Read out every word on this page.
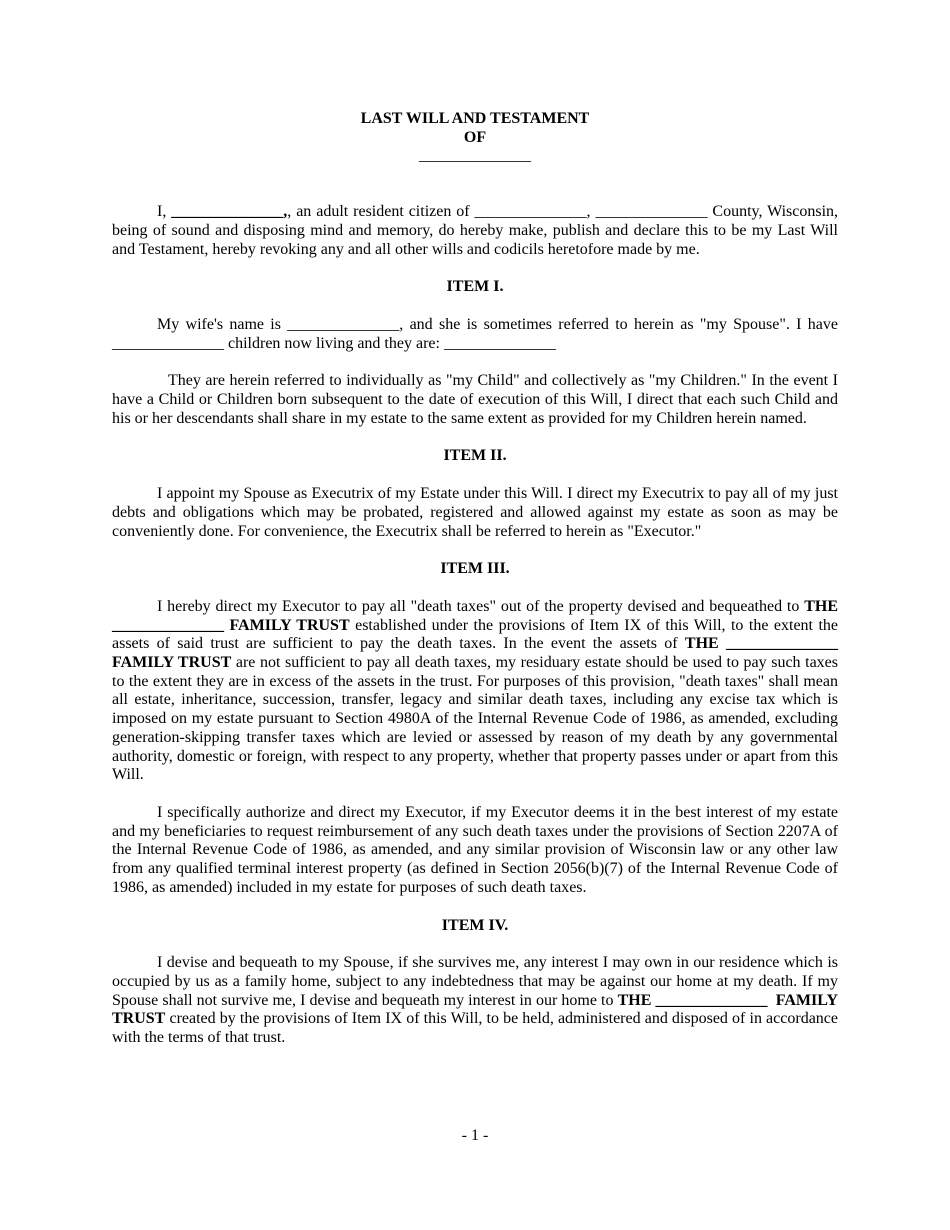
LAST WILL AND TESTAMENT
OF
______________

I, ______________,, an adult resident citizen of ______________, ______________ County, Wisconsin, being of sound and disposing mind and memory, do hereby make, publish and declare this to be my Last Will and Testament, hereby revoking any and all other wills and codicils heretofore made by me.

ITEM I.

My wife's name is ______________, and she is sometimes referred to herein as "my Spouse". I have ______________ children now living and they are: ______________

They are herein referred to individually as "my Child" and collectively as "my Children." In the event I have a Child or Children born subsequent to the date of execution of this Will, I direct that each such Child and his or her descendants shall share in my estate to the same extent as provided for my Children herein named.

ITEM II.

I appoint my Spouse as Executrix of my Estate under this Will. I direct my Executrix to pay all of my just debts and obligations which may be probated, registered and allowed against my estate as soon as may be conveniently done. For convenience, the Executrix shall be referred to herein as "Executor."

ITEM III.

I hereby direct my Executor to pay all "death taxes" out of the property devised and bequeathed to THE ______________ FAMILY TRUST established under the provisions of Item IX of this Will, to the extent the assets of said trust are sufficient to pay the death taxes. In the event the assets of THE ______________ FAMILY TRUST are not sufficient to pay all death taxes, my residuary estate should be used to pay such taxes to the extent they are in excess of the assets in the trust. For purposes of this provision, "death taxes" shall mean all estate, inheritance, succession, transfer, legacy and similar death taxes, including any excise tax which is imposed on my estate pursuant to Section 4980A of the Internal Revenue Code of 1986, as amended, excluding generation-skipping transfer taxes which are levied or assessed by reason of my death by any governmental authority, domestic or foreign, with respect to any property, whether that property passes under or apart from this Will.

I specifically authorize and direct my Executor, if my Executor deems it in the best interest of my estate and my beneficiaries to request reimbursement of any such death taxes under the provisions of Section 2207A of the Internal Revenue Code of 1986, as amended, and any similar provision of Wisconsin law or any other law from any qualified terminal interest property (as defined in Section 2056(b)(7) of the Internal Revenue Code of 1986, as amended) included in my estate for purposes of such death taxes.

ITEM IV.

I devise and bequeath to my Spouse, if she survives me, any interest I may own in our residence which is occupied by us as a family home, subject to any indebtedness that may be against our home at my death. If my Spouse shall not survive me, I devise and bequeath my interest in our home to THE ______________ FAMILY TRUST created by the provisions of Item IX of this Will, to be held, administered and disposed of in accordance with the terms of that trust.

- 1 -
